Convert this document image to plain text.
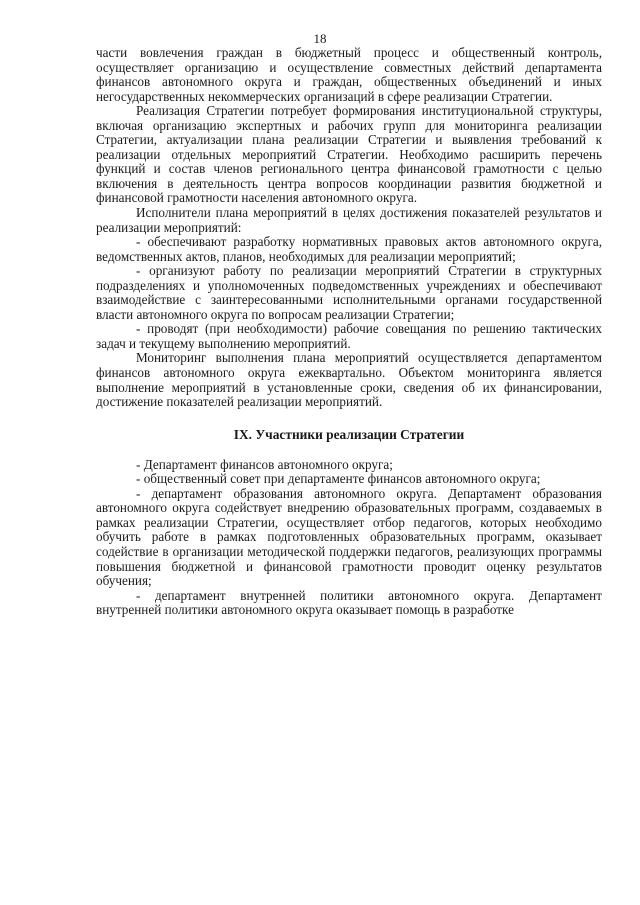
18

части вовлечения граждан в бюджетный процесс и общественный контроль, осуществляет организацию и осуществление совместных действий департамента финансов автономного округа и граждан, общественных объединений и иных негосударственных некоммерческих организаций в сфере реализации Стратегии.

Реализация Стратегии потребует формирования институциональной структуры, включая организацию экспертных и рабочих групп для мониторинга реализации Стратегии, актуализации плана реализации Стратегии и выявления требований к реализации отдельных мероприятий Стратегии. Необходимо расширить перечень функций и состав членов регионального центра финансовой грамотности с целью включения в деятельность центра вопросов координации развития бюджетной и финансовой грамотности населения автономного округа.

Исполнители плана мероприятий в целях достижения показателей результатов и реализации мероприятий:

- обеспечивают разработку нормативных правовых актов автономного округа, ведомственных актов, планов, необходимых для реализации мероприятий;

- организуют работу по реализации мероприятий Стратегии в структурных подразделениях и уполномоченных подведомственных учреждениях и обеспечивают взаимодействие с заинтересованными исполнительными органами государственной власти автономного округа по вопросам реализации Стратегии;

- проводят (при необходимости) рабочие совещания по решению тактических задач и текущему выполнению мероприятий.

Мониторинг выполнения плана мероприятий осуществляется департаментом финансов автономного округа ежеквартально. Объектом мониторинга является выполнение мероприятий в установленные сроки, сведения об их финансировании, достижение показателей реализации мероприятий.

IX. Участники реализации Стратегии

- Департамент финансов автономного округа;

- общественный совет при департаменте финансов автономного округа;

- департамент образования автономного округа. Департамент образования автономного округа содействует внедрению образовательных программ, создаваемых в рамках реализации Стратегии, осуществляет отбор педагогов, которых необходимо обучить работе в рамках подготовленных образовательных программ, оказывает содействие в организации методической поддержки педагогов, реализующих программы повышения бюджетной и финансовой грамотности проводит оценку результатов обучения;

- департамент внутренней политики автономного округа. Департамент внутренней политики автономного округа оказывает помощь в разработке
